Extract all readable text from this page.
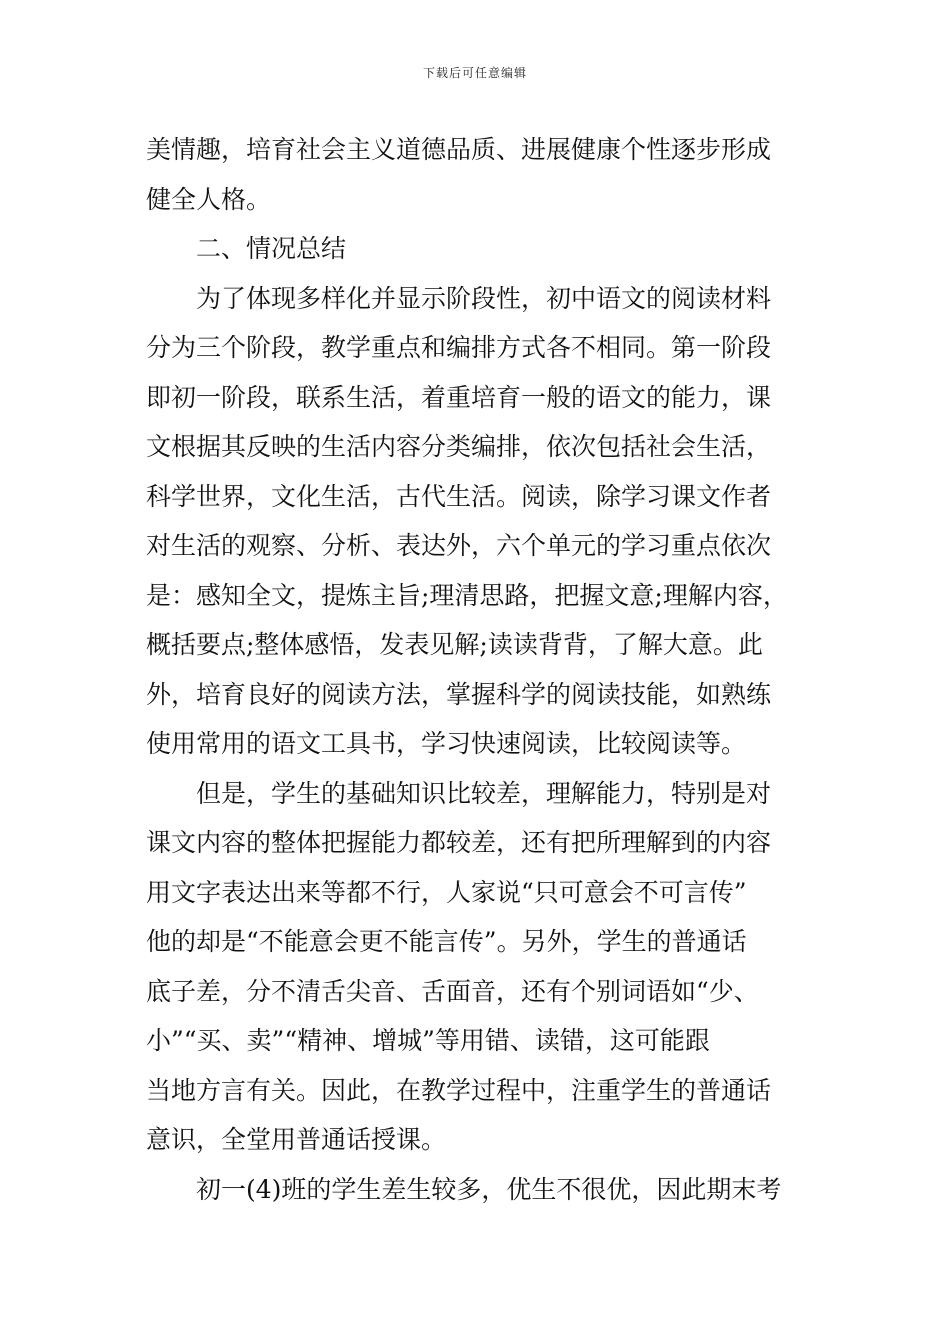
下载后可任意编辑
美情趣，培育社会主义道德品质、进展健康个性逐步形成
健全人格。
二、情况总结
为了体现多样化并显示阶段性，初中语文的阅读材料
分为三个阶段，教学重点和编排方式各不相同。第一阶段
即初一阶段，联系生活，着重培育一般的语文的能力，课
文根据其反映的生活内容分类编排，依次包括社会生活，
科学世界，文化生活，古代生活。阅读，除学习课文作者
对生活的观察、分析、表达外，六个单元的学习重点依次
是：感知全文，提炼主旨;理清思路，把握文意;理解内容，
概括要点;整体感悟，发表见解;读读背背，了解大意。此
外，培育良好的阅读方法，掌握科学的阅读技能，如熟练
使用常用的语文工具书，学习快速阅读，比较阅读等。
但是，学生的基础知识比较差，理解能力，特别是对
课文内容的整体把握能力都较差，还有把所理解到的内容
用文字表达出来等都不行，人家说“只可意会不可言传”
他的却是“不能意会更不能言传”。另外，学生的普通话
底子差，分不清舌尖音、舌面音，还有个别词语如“少、
小”“买、卖”“精神、增城”等用错、读错，这可能跟
当地方言有关。因此，在教学过程中，注重学生的普通话
意识，全堂用普通话授课。
初一(4)班的学生差生较多，优生不很优，因此期末考
